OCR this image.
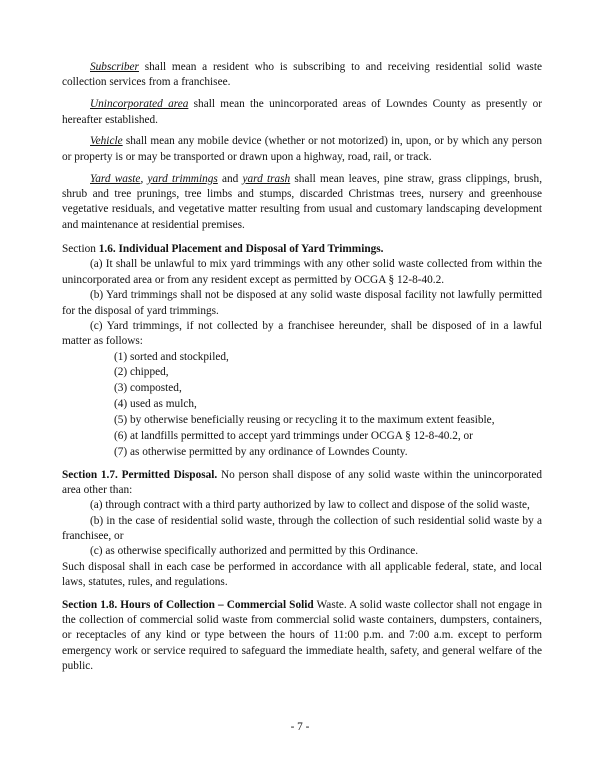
Subscriber shall mean a resident who is subscribing to and receiving residential solid waste collection services from a franchisee.

Unincorporated area shall mean the unincorporated areas of Lowndes County as presently or hereafter established.

Vehicle shall mean any mobile device (whether or not motorized) in, upon, or by which any person or property is or may be transported or drawn upon a highway, road, rail, or track.

Yard waste, yard trimmings and yard trash shall mean leaves, pine straw, grass clippings, brush, shrub and tree prunings, tree limbs and stumps, discarded Christmas trees, nursery and greenhouse vegetative residuals, and vegetative matter resulting from usual and customary landscaping development and maintenance at residential premises.

Section 1.6. Individual Placement and Disposal of Yard Trimmings.

(a) It shall be unlawful to mix yard trimmings with any other solid waste collected from within the unincorporated area or from any resident except as permitted by OCGA § 12-8-40.2.

(b) Yard trimmings shall not be disposed at any solid waste disposal facility not lawfully permitted for the disposal of yard trimmings.

(c) Yard trimmings, if not collected by a franchisee hereunder, shall be disposed of in a lawful matter as follows:

(1) sorted and stockpiled,
(2) chipped,
(3) composted,
(4) used as mulch,
(5) by otherwise beneficially reusing or recycling it to the maximum extent feasible,
(6) at landfills permitted to accept yard trimmings under OCGA § 12-8-40.2, or
(7) as otherwise permitted by any ordinance of Lowndes County.

Section 1.7. Permitted Disposal. No person shall dispose of any solid waste within the unincorporated area other than:

(a) through contract with a third party authorized by law to collect and dispose of the solid waste,

(b) in the case of residential solid waste, through the collection of such residential solid waste by a franchisee, or

(c) as otherwise specifically authorized and permitted by this Ordinance.

Such disposal shall in each case be performed in accordance with all applicable federal, state, and local laws, statutes, rules, and regulations.

Section 1.8. Hours of Collection – Commercial Solid Waste. A solid waste collector shall not engage in the collection of commercial solid waste from commercial solid waste containers, dumpsters, containers, or receptacles of any kind or type between the hours of 11:00 p.m. and 7:00 a.m. except to perform emergency work or service required to safeguard the immediate health, safety, and general welfare of the public.

- 7 -
